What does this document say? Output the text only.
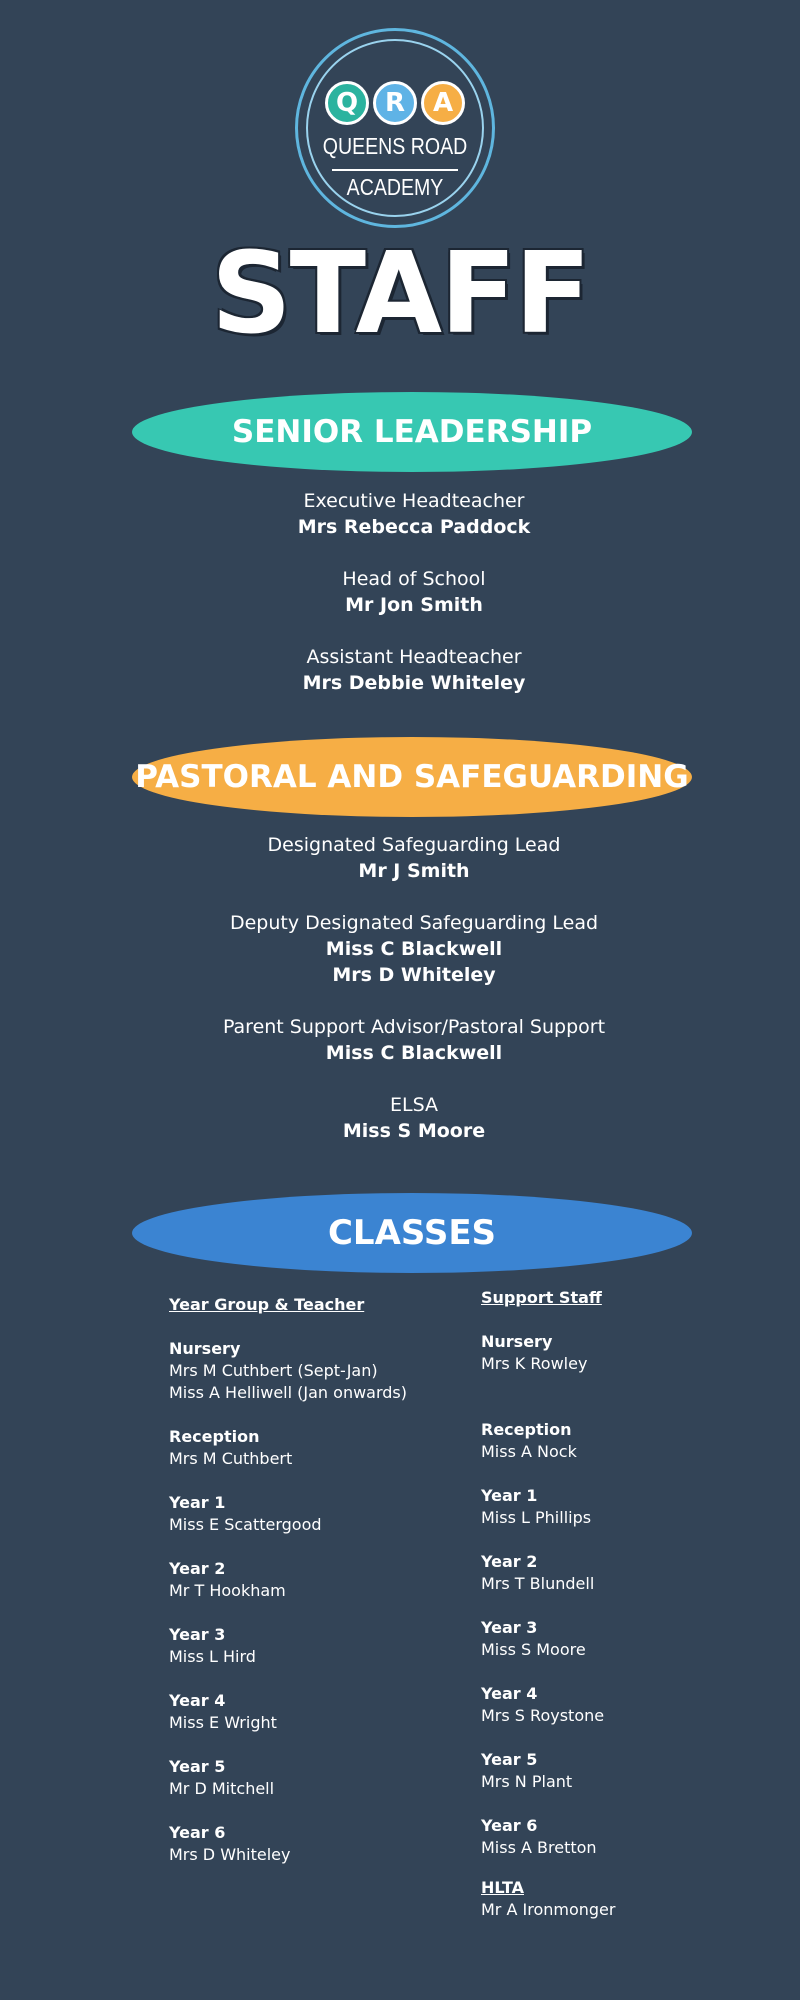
Q	R	A
QUEENS ROAD
ACADEMY
STAFF
SENIOR LEADERSHIP
Executive Headteacher
Mrs Rebecca Paddock
Head of School
Mr Jon Smith
Assistant Headteacher
Mrs Debbie Whiteley
PASTORAL AND SAFEGUARDING
Designated Safeguarding Lead
Mr J Smith
Deputy Designated Safeguarding Lead
Miss C Blackwell
Mrs D Whiteley
Parent Support Advisor/Pastoral Support
Miss C Blackwell
ELSA
Miss S Moore
CLASSES
Year Group & Teacher
Nursery
Mrs M Cuthbert (Sept-Jan)
Miss A Helliwell (Jan onwards)
Reception
Mrs M Cuthbert
Year 1
Miss E Scattergood
Year 2
Mr T Hookham
Year 3
Miss L Hird
Year 4
Miss E Wright
Year 5
Mr D Mitchell
Year 6
Mrs D Whiteley
Support Staff
Nursery
Mrs K Rowley
Reception
Miss A Nock
Year 1
Miss L Phillips
Year 2
Mrs T Blundell
Year 3
Miss S Moore
Year 4
Mrs S Roystone
Year 5
Mrs N Plant
Year 6
Miss A Bretton
HLTA
Mr A Ironmonger
